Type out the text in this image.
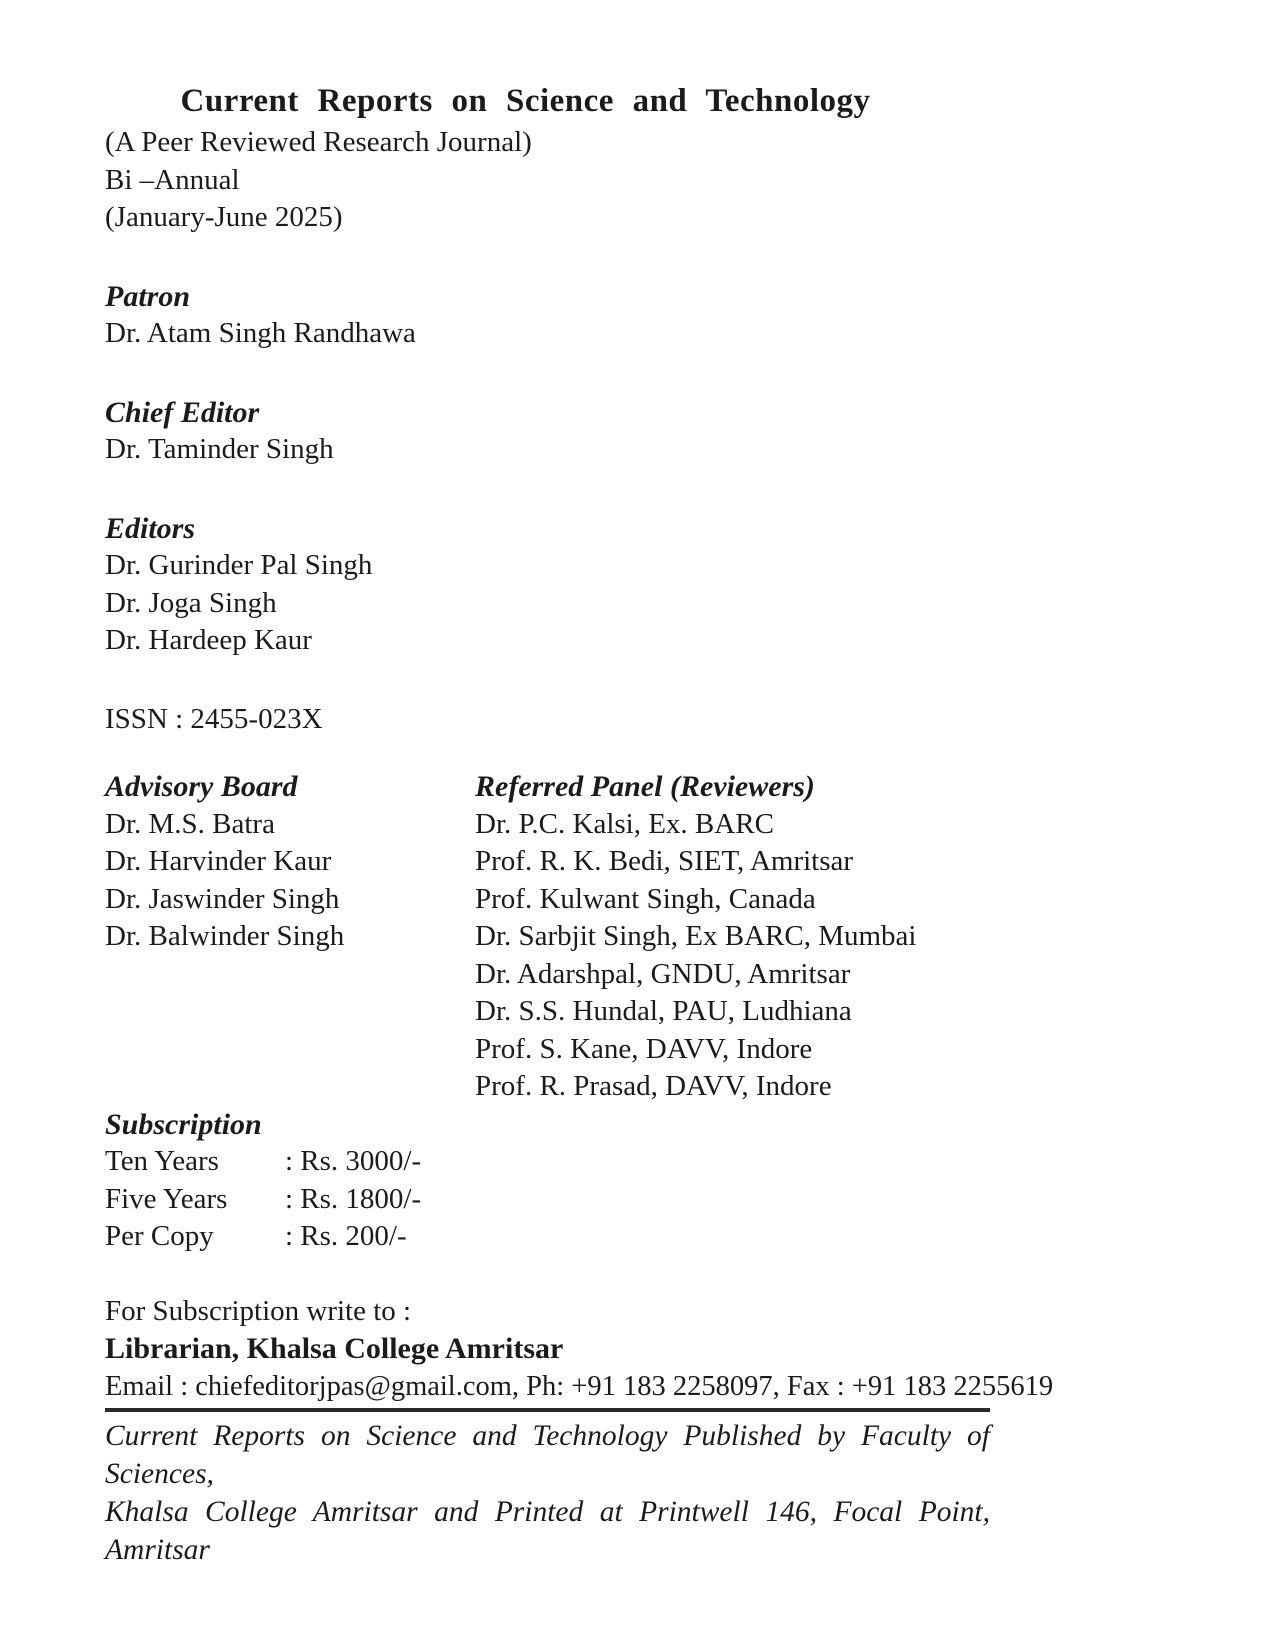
Current Reports on Science and Technology
(A Peer Reviewed Research Journal)
Bi –Annual
(January-June 2025)
Patron
Dr. Atam Singh Randhawa
Chief Editor
Dr. Taminder Singh
Editors
Dr. Gurinder Pal Singh
Dr. Joga Singh
Dr. Hardeep Kaur
ISSN : 2455-023X
Advisory Board
Dr. M.S. Batra
Dr. Harvinder Kaur
Dr. Jaswinder Singh
Dr. Balwinder Singh
Referred Panel (Reviewers)
Dr. P.C. Kalsi, Ex. BARC
Prof. R. K. Bedi, SIET, Amritsar
Prof. Kulwant Singh, Canada
Dr. Sarbjit Singh, Ex BARC, Mumbai
Dr. Adarshpal, GNDU, Amritsar
Dr. S.S. Hundal, PAU, Ludhiana
Prof. S. Kane, DAVV, Indore
Prof. R. Prasad, DAVV, Indore
Subscription
Ten Years	: Rs. 3000/-
Five Years	: Rs. 1800/-
Per Copy	: Rs. 200/-
For Subscription write to :
Librarian, Khalsa College Amritsar
Email : chiefeditorjpas@gmail.com, Ph: +91 183 2258097, Fax : +91 183 2255619
Current Reports on Science and Technology Published by Faculty of Sciences,
Khalsa College Amritsar and Printed at Printwell 146, Focal Point, Amritsar
